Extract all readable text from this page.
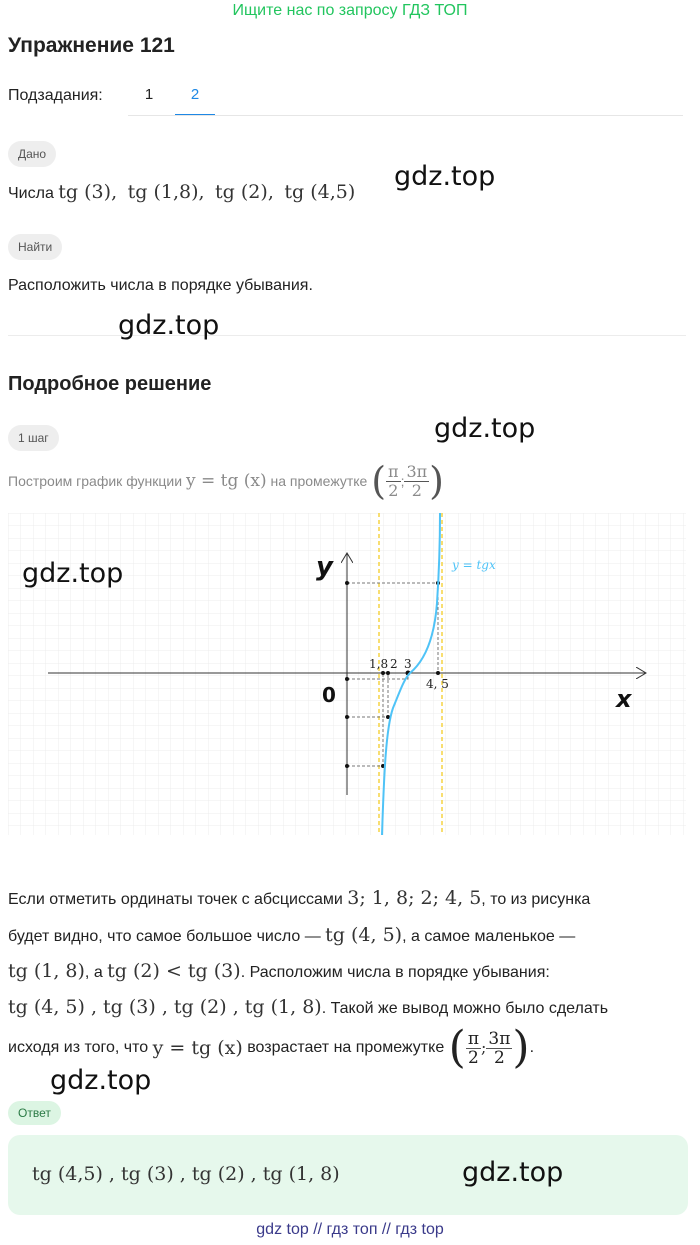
Ищите нас по запросу ГДЗ ТОП
Упражнение 121
Подзадания:	1	2
Дано
Числа tg (3),  tg (1,8),  tg (2),  tg (4,5)
Найти
Расположить числа в порядке убывания.
Подробное решение
1 шаг
Построим график функции
y = tg (x)
на промежутке
( $\frac{\pi}{2}$ ; $\frac{3\pi}{2}$ )
y
x
0
y = tgx
1,8 2 3
4, 5
Если отметить ординаты точек с абсциссами 3; 1, 8; 2; 4, 5, то из рисунка
будет видно, что самое большое число — tg (4, 5), а самое маленькое —
tg (1, 8), а tg (2) < tg (3). Расположим числа в порядке убывания:
tg (4, 5) , tg (3) , tg (2) , tg (1, 8). Такой же вывод можно было сделать
исходя из того, что
y = tg (x)
возрастает на промежутке
( $\frac{\pi}{2}$ ; $\frac{3\pi}{2}$ ) .
Ответ
tg (4,5) , tg (3) , tg (2) , tg (1, 8)
gdz.top
gdz.top
gdz.top
gdz.top
gdz.top
gdz.top
gdz top // гдз топ // гдз top
